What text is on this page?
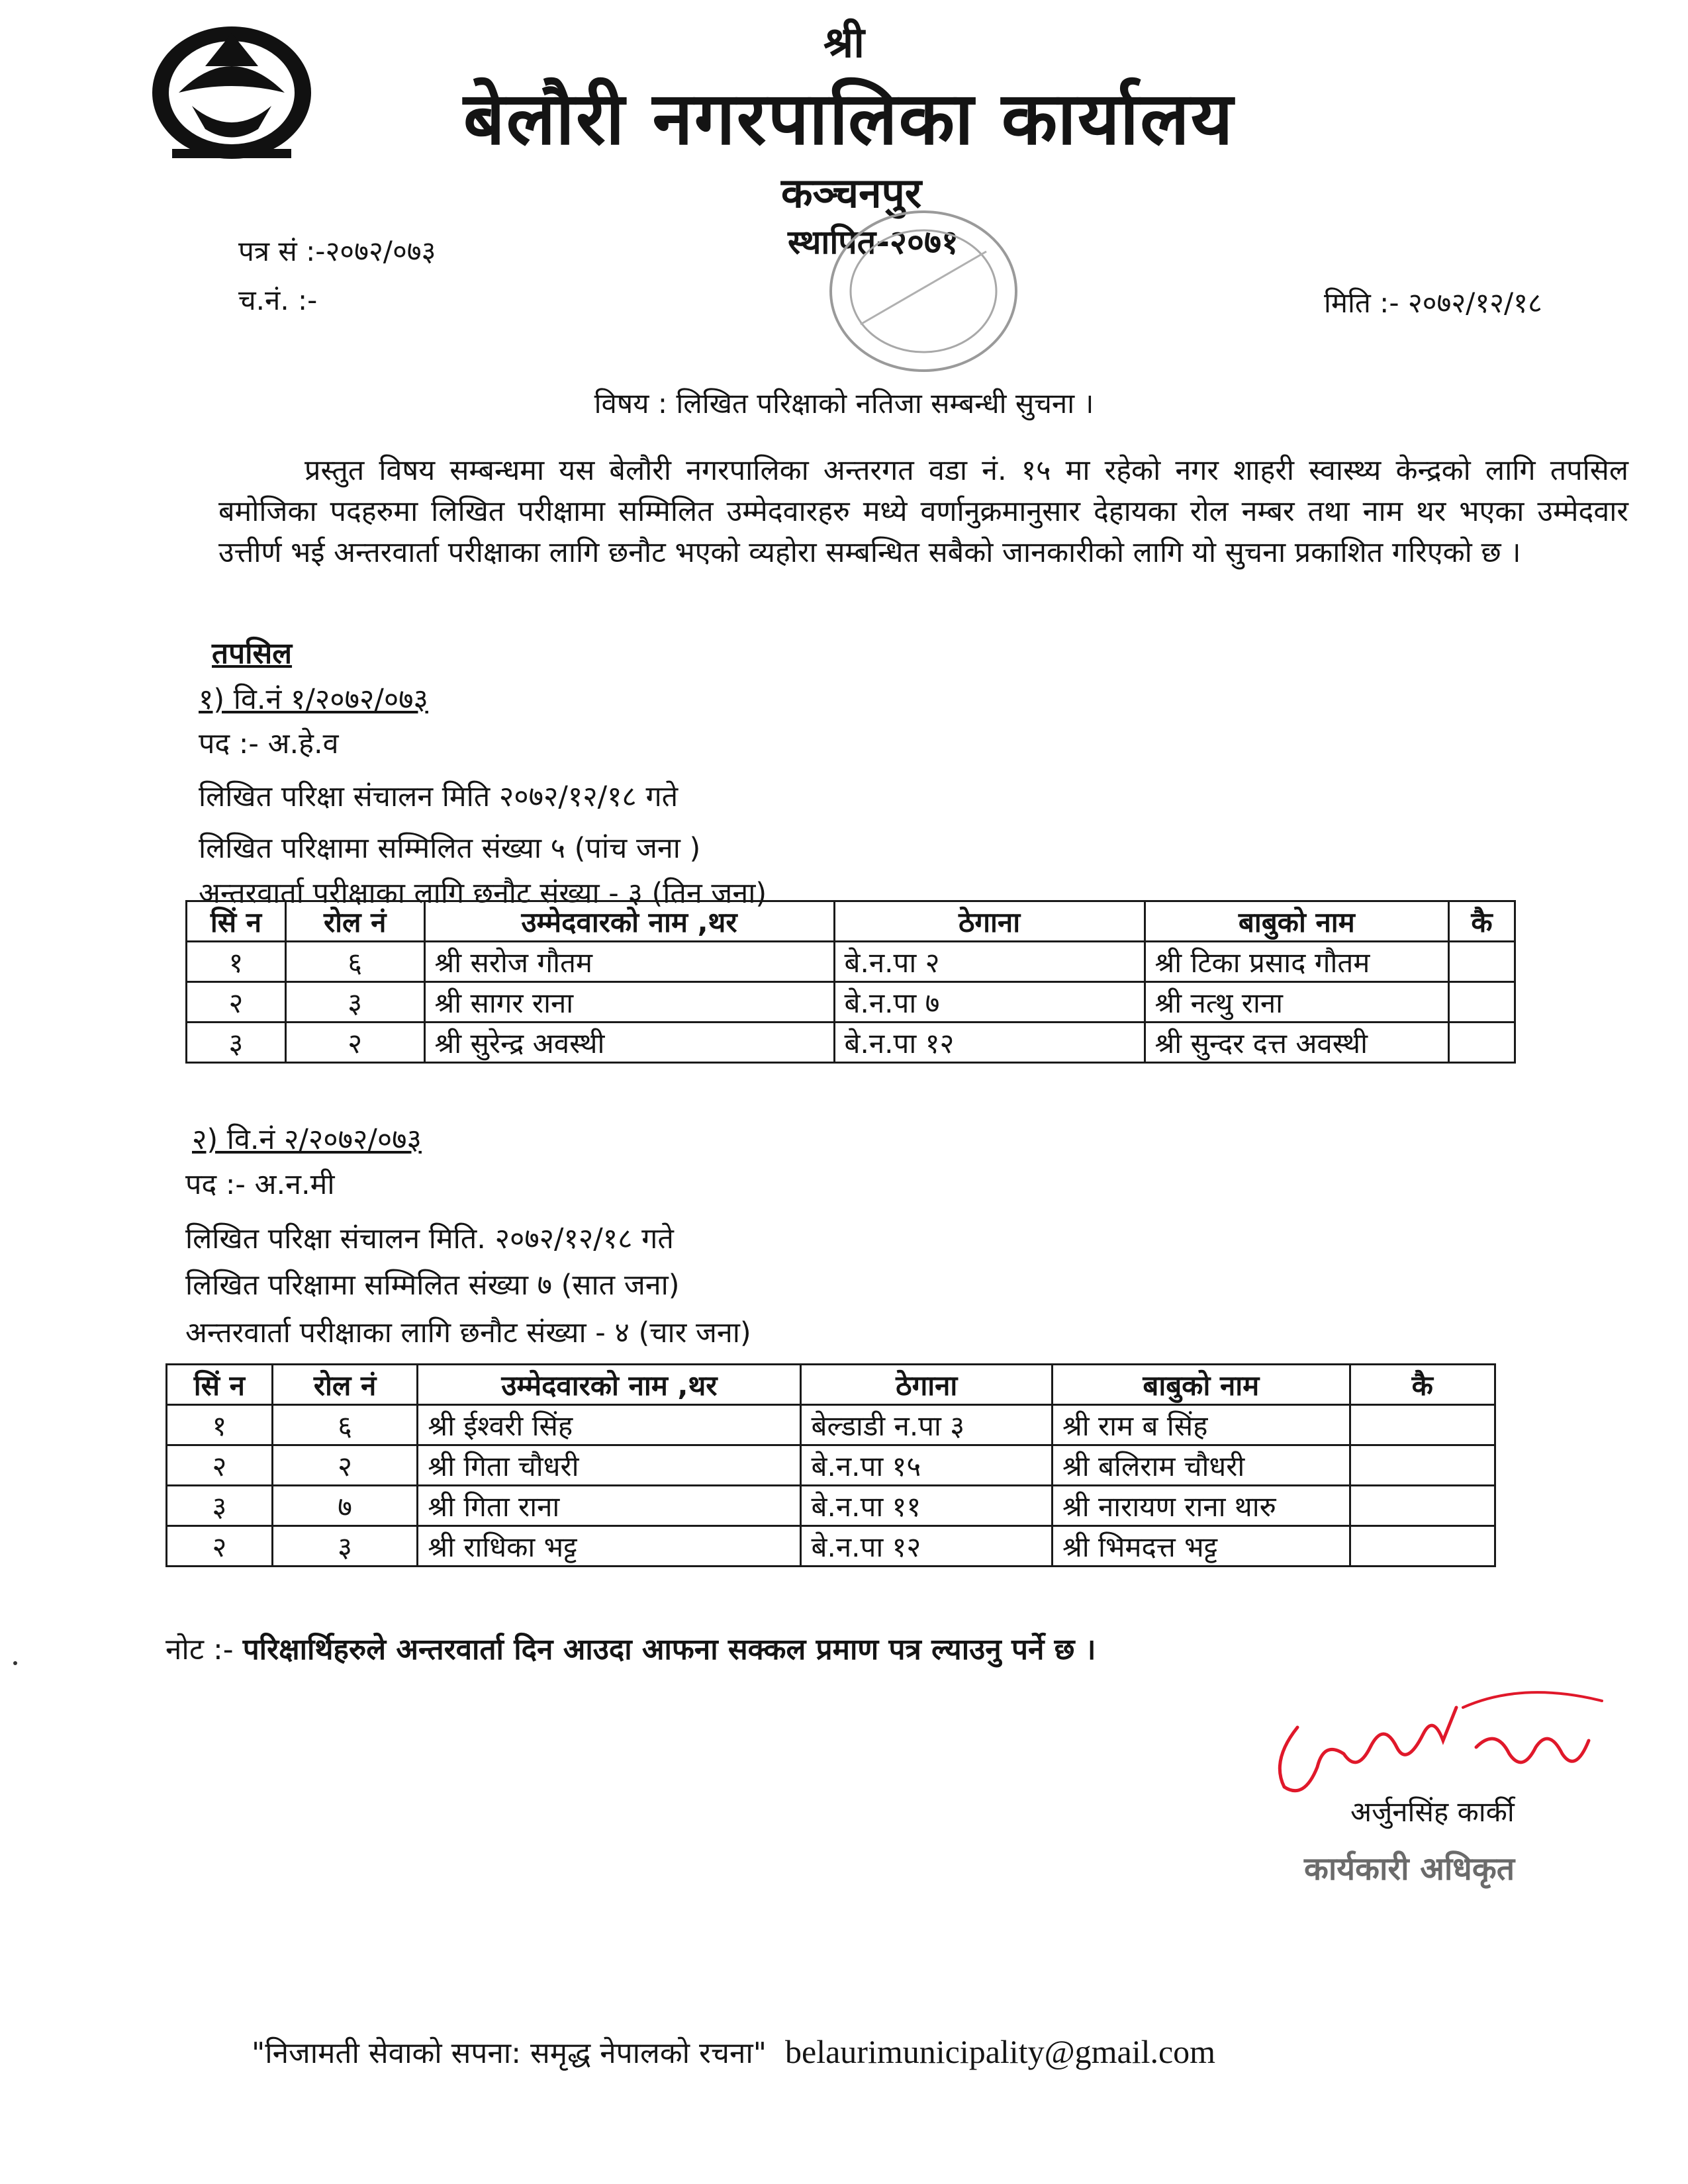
श्री
बेलौरी नगरपालिका कार्यालय
कञ्चनपुर
स्थापित-२०७१
पत्र सं :-२०७२/०७३
च.नं. :-	मिति :- २०७२/१२/१८
विषय : लिखित परिक्षाको नतिजा सम्बन्धी सुचना ।
प्रस्तुत विषय सम्बन्धमा यस बेलौरी नगरपालिका अन्तरगत वडा नं. १५ मा रहेको नगर शाहरी स्वास्थ्य केन्द्रको लागि तपसिल बमोजिका पदहरुमा लिखित परीक्षामा सम्मिलित उम्मेदवारहरु मध्ये वर्णानुक्रमानुसार देहायका रोल नम्बर तथा नाम थर भएका उम्मेदवार उत्तीर्ण भई अन्तरवार्ता परीक्षाका लागि छनौट भएको व्यहोरा सम्बन्धित सबैको जानकारीको लागि यो सुचना प्रकाशित गरिएको छ ।
तपसिल
१) वि.नं १/२०७२/०७३
पद :- अ.हे.व
लिखित परिक्षा संचालन मिति २०७२/१२/१८ गते
लिखित परिक्षामा सम्मिलित संख्या ५ (पांच जना )
अन्तरवार्ता परीक्षाका लागि छनौट संख्या - ३ (तिन जना)
सिं न	रोल नं	उम्मेदवारको नाम ,थर	ठेगाना	बाबुको नाम	कै
१	६	श्री सरोज गौतम	बे.न.पा २	श्री टिका प्रसाद गौतम	
२	३	श्री सागर राना	बे.न.पा ७	श्री नत्थु राना	
३	२	श्री सुरेन्द्र अवस्थी	बे.न.पा १२	श्री सुन्दर दत्त अवस्थी	
२) वि.नं २/२०७२/०७३
पद :- अ.न.मी
लिखित परिक्षा संचालन मिति. २०७२/१२/१८ गते
लिखित परिक्षामा सम्मिलित संख्या ७ (सात जना)
अन्तरवार्ता परीक्षाका लागि छनौट संख्या - ४ (चार जना)
सिं न	रोल नं	उम्मेदवारको नाम ,थर	ठेगाना	बाबुको नाम	कै
१	६	श्री ईश्वरी सिंह	बेल्डाडी न.पा ३	श्री राम ब सिंह	
२	२	श्री गिता चौधरी	बे.न.पा १५	श्री बलिराम चौधरी	
३	७	श्री गिता राना	बे.न.पा ११	श्री नारायण राना थारु	
२	३	श्री राधिका भट्ट	बे.न.पा १२	श्री भिमदत्त भट्ट	
नोट :- परिक्षार्थिहरुले अन्तरवार्ता दिन आउदा आफना सक्कल प्रमाण पत्र ल्याउनु पर्ने छ ।
अर्जुनसिंह कार्की
कार्यकारी अधिकृत
"निजामती सेवाको सपना: समृद्ध नेपालको रचना" belaurimunicipality@gmail.com
